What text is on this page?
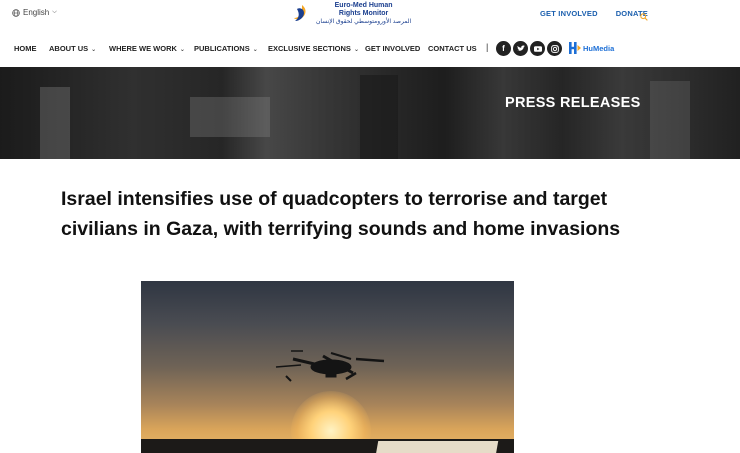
English ⌵
Euro-Med Human
Rights Monitor
المرصد الأورومتوسطي لحقوق الإنسان
GET INVOLVED DONATE
HOME ABOUT US ⌄ WHERE WE WORK ⌄ PUBLICATIONS ⌄ EXCLUSIVE SECTIONS ⌄ GET INVOLVED CONTACT US | f	HuMedia
PRESS RELEASES
Israel intensifies use of quadcopters to terrorise and target civilians in Gaza, with terrifying sounds and home invasions
